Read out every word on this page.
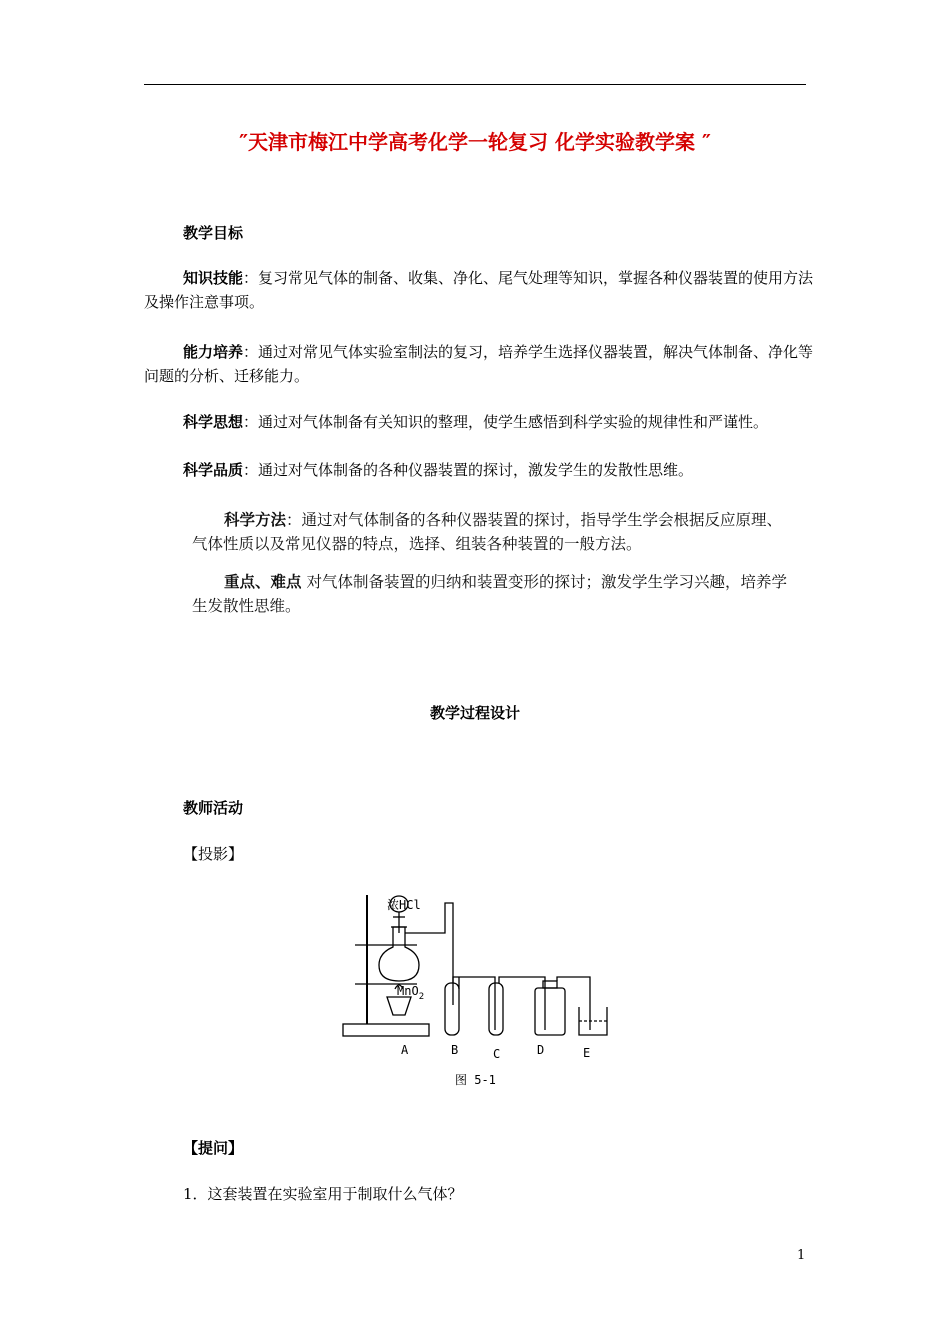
″天津市梅江中学高考化学一轮复习 化学实验教学案 ″
教学目标
知识技能：复习常见气体的制备、收集、净化、尾气处理等知识，掌握各种仪器装置的使用方法及操作注意事项。
能力培养：通过对常见气体实验室制法的复习，培养学生选择仪器装置，解决气体制备、净化等问题的分析、迁移能力。
科学思想：通过对气体制备有关知识的整理，使学生感悟到科学实验的规律性和严谨性。
科学品质：通过对气体制备的各种仪器装置的探讨，激发学生的发散性思维。
科学方法：通过对气体制备的各种仪器装置的探讨，指导学生学会根据反应原理、气体性质以及常见仪器的特点，选择、组装各种装置的一般方法。
重点、难点 对气体制备装置的归纳和装置变形的探讨；激发学生学习兴趣，培养学生发散性思维。
教学过程设计
教师活动
【投影】
浓HCl
MnO$_2$
A	B	C	D	E
图 5-1
【提问】
1．这套装置在实验室用于制取什么气体？
1
